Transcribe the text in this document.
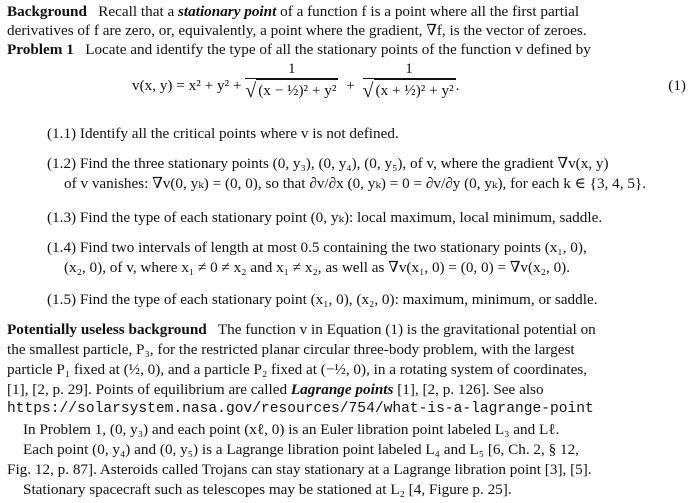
Background Recall that a stationary point of a function f is a point where all the first partial
derivatives of f are zero, or, equivalently, a point where the gradient, ∇f, is the vector of zeroes.
Problem 1 Locate and identify the type of all the stationary points of the function v defined by
v(x, $y) = x^2 + y^2 + \frac{1}{\text{√ (x − ½)² + y²}} + \frac{1}{\text{√ (x + ½)² + y²}}$ .	(1)
(1.1) Identify all the critical points where v is not defined.
(1.2) Find the three stationary points (0, y₃), (0, y₄), (0, y₅), of v, where the gradient ∇v(x, y)
of v vanishes: ∇v(0, yₖ) = (0, 0), so that ∂v/∂x (0, yₖ) = 0 = ∂v/∂y (0, yₖ), for each k ∈ {3, 4, 5}.
(1.3) Find the type of each stationary point (0, yₖ): local maximum, local minimum, saddle.
(1.4) Find two intervals of length at most 0.5 containing the two stationary points (x₁, 0),
(x₂, 0), of v, where x₁ ≠ 0 ≠ x₂ and x₁ ≠ x₂, as well as ∇v(x₁, 0) = (0, 0) = ∇v(x₂, 0).
(1.5) Find the type of each stationary point (x₁, 0), (x₂, 0): maximum, minimum, or saddle.
Potentially useless background The function v in Equation (1) is the gravitational potential on
the smallest particle, P₃, for the restricted planar circular three-body problem, with the largest
particle P₁ fixed at (½, 0), and a particle P₂ fixed at (−½, 0), in a rotating system of coordinates,
[1], [2, p. 29]. Points of equilibrium are called Lagrange points [1], [2, p. 126]. See also
https://solarsystem.nasa.gov/resources/754/what-is-a-lagrange-point
In Problem 1, (0, y₃) and each point (xℓ, 0) is an Euler libration point labeled L₃ and Lℓ.
Each point (0, y₄) and (0, y₅) is a Lagrange libration point labeled L₄ and L₅ [6, Ch. 2, § 12,
Fig. 12, p. 87]. Asteroids called Trojans can stay stationary at a Lagrange libration point [3], [5].
Stationary spacecraft such as telescopes may be stationed at L₂ [4, Figure p. 25].
